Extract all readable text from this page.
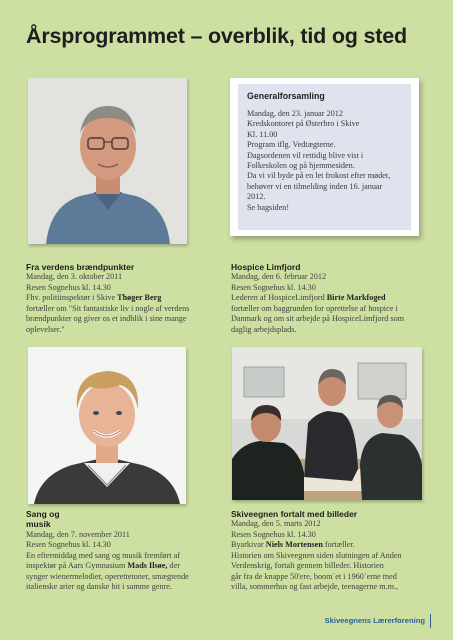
Årsprogrammet – overblik, tid og sted
Generalforsamling
Mandag, den 23. januar 2012
Kredskontoret på Østerbro i Skive
Kl. 11.00
Program iflg. Vedtægterne.
Dagsordenen vil rettidig blive vist i
Folkeskolen og på hjemmesiden.
Da vi vil byde på en let frokost efter mødet,
behøver vi en tilmelding inden 16. januar
2012.
Se bagsiden!
Fra verdens brændpunkter
Mandag, den 3. oktober 2011
Resen Sognehus kl. 14.30
Fhv. politiinspektør i Skive Thøger Berg
fortæller om "Sit fantastiske liv i nogle af verdens
brændpunkter og giver os et indblik i sine mange
oplevelser."
Hospice Limfjord
Mandag, den 6. februar 2012
Resen Sognehus kl. 14.30
Lederen af HospiceLimfjord Birte Markfoged
fortæller om baggrunden for oprettelse af hospice i
Danmark og om sit arbejde på HospiceLimfjord som
daglig arbejdsplads.
Sang og
musik
Mandag, den 7. november 2011
Resen Sognehus kl. 14.30
En eftermiddag med sang og musik fremført af
inspektør på Aars Gymnasium Mads Ilsøe, der
synger wienermelodier, operettetoner, smægtende
italienske arier og danske hit i samme genre.
Skiveegnen fortalt med billeder
Mandag, den 5. marts 2012
Resen Sognehus kl. 14.30
Byarkivar Niels Mortensen fortæller.
Historien om Skiveegnen siden slutningen af Anden
Verdenskrig, fortalt gennem billeder. Historien
går fra de knappe 50'ere, boom`et i 1960`erne med
villa, sommerhus og fast arbejde, teenagerne m.m.,
Skiveegnens Lærerforening
